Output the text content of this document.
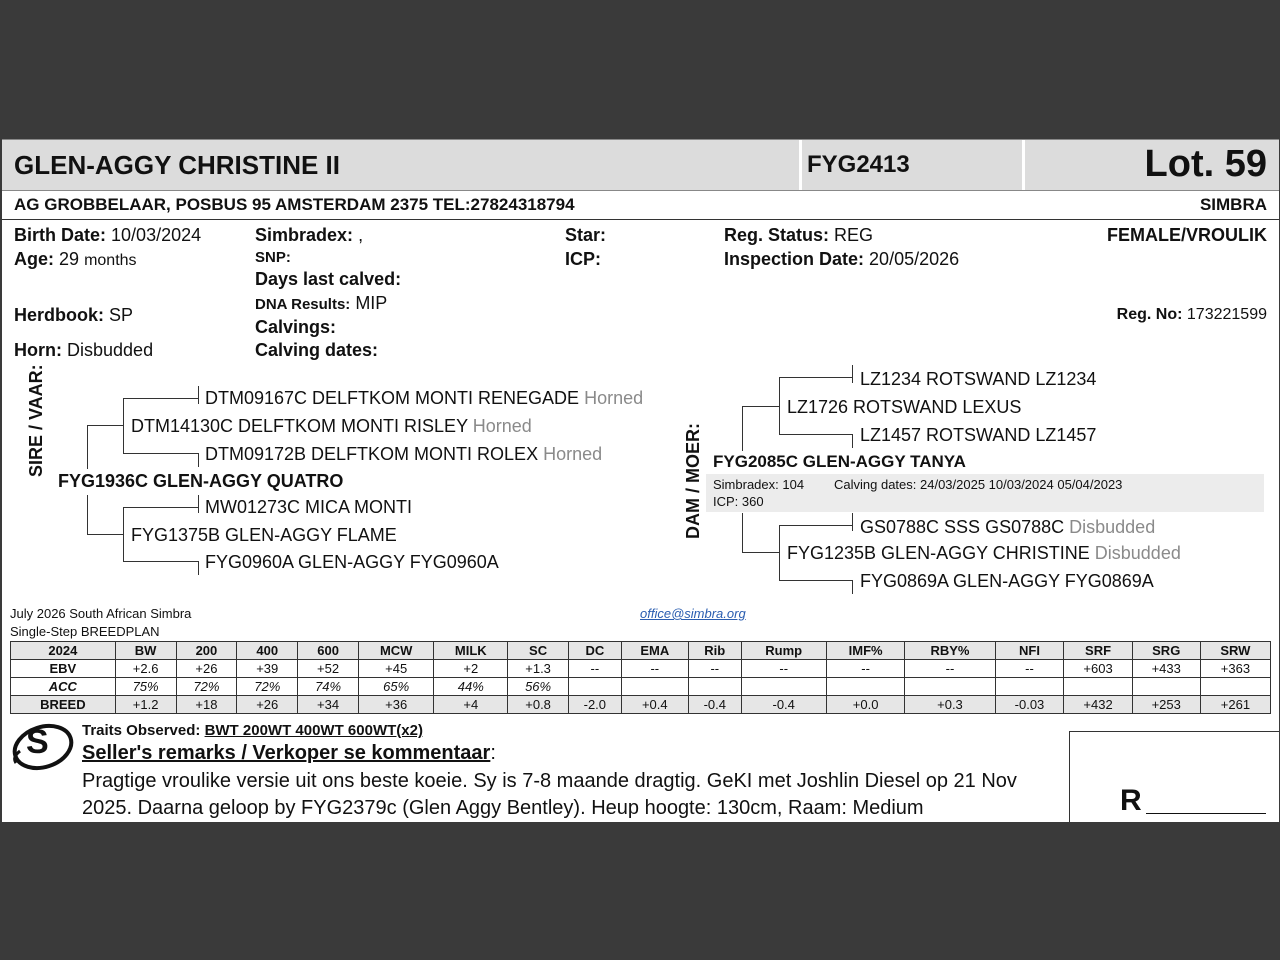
GLEN-AGGY CHRISTINE II	FYG2413	Lot. 59
AG GROBBELAAR, POSBUS 95 AMSTERDAM 2375 TEL:27824318794	SIMBRA
Birth Date: 10/03/2024
Age: 29 months
Herdbook: SP
Horn: Disbudded
Simbradex: ,
SNP:
Days last calved:
DNA Results: MIP
Calvings:
Calving dates:
Star:
ICP:
Reg. Status: REG
Inspection Date: 20/05/2026
FEMALE/VROULIK
Reg. No: 173221599
SIRE / VAAR:	DTM09167C DELFTKOM MONTI RENEGADE Horned
DTM14130C DELFTKOM MONTI RISLEY Horned
DTM09172B DELFTKOM MONTI ROLEX Horned
FYG1936C GLEN-AGGY QUATRO
MW01273C MICA MONTI
FYG1375B GLEN-AGGY FLAME
FYG0960A GLEN-AGGY FYG0960A
DAM / MOER:
LZ1234 ROTSWAND LZ1234
LZ1726 ROTSWAND LEXUS
LZ1457 ROTSWAND LZ1457
FYG2085C GLEN-AGGY TANYA
Simbradex: 104 Calving dates: 24/03/2025 10/03/2024 05/04/2023
ICP: 360
GS0788C SSS GS0788C Disbudded
FYG1235B GLEN-AGGY CHRISTINE Disbudded
FYG0869A GLEN-AGGY FYG0869A
July 2026 South African Simbra
Single-Step BREEDPLAN
office@simbra.org
2024	BW	200	400	600	MCW	MILK	SC	DC	EMA	Rib	Rump	IMF%	RBY%	NFI	SRF	SRG	SRW
EBV	+2.6	+26	+39	+52	+45	+2	+1.3	--	--	--	--	--	--	--	+603	+433	+363
ACC	75%	72%	72%	74%	65%	44%	56%										
BREED	+1.2	+18	+26	+34	+36	+4	+0.8	-2.0	+0.4	-0.4	-0.4	+0.0	+0.3	-0.03	+432	+253	+261
S Traits Observed: BWT 200WT 400WT 600WT(x2)
Seller's remarks / Verkoper se kommentaar:
Pragtige vroulike versie uit ons beste koeie. Sy is 7-8 maande dragtig. GeKI met Joshlin Diesel op 21 Nov
2025. Daarna geloop by FYG2379c (Glen Aggy Bentley). Heup hoogte: 130cm, Raam: Medium	R
